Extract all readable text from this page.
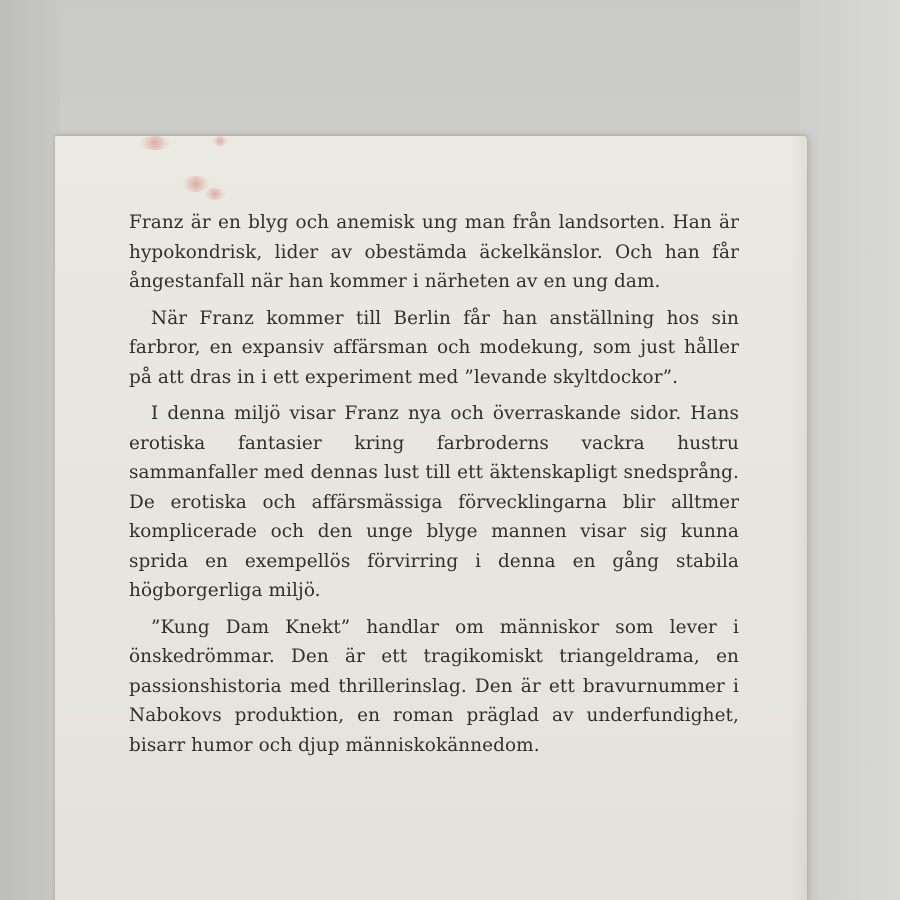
Franz är en blyg och anemisk ung man från landsorten. Han är hypokondrisk, lider av obestämda äckelkänslor. Och han får ångestanfall när han kommer i närheten av en ung dam.

När Franz kommer till Berlin får han anställning hos sin farbror, en expansiv affärsman och modekung, som just håller på att dras in i ett experiment med ”levande skyltdockor”.

I denna miljö visar Franz nya och överraskande sidor. Hans erotiska fantasier kring farbroderns vackra hustru sammanfaller med dennas lust till ett äktenskapligt snedsprång. De erotiska och affärsmässiga förvecklingarna blir alltmer komplicerade och den unge blyge mannen visar sig kunna sprida en exempellös förvirring i denna en gång stabila högborgerliga miljö.

”Kung Dam Knekt” handlar om människor som lever i önskedrömmar. Den är ett tragikomiskt triangeldrama, en passionshistoria med thrillerinslag. Den är ett bravurnummer i Nabokovs produktion, en roman präglad av underfundighet, bisarr humor och djup människokännedom.
